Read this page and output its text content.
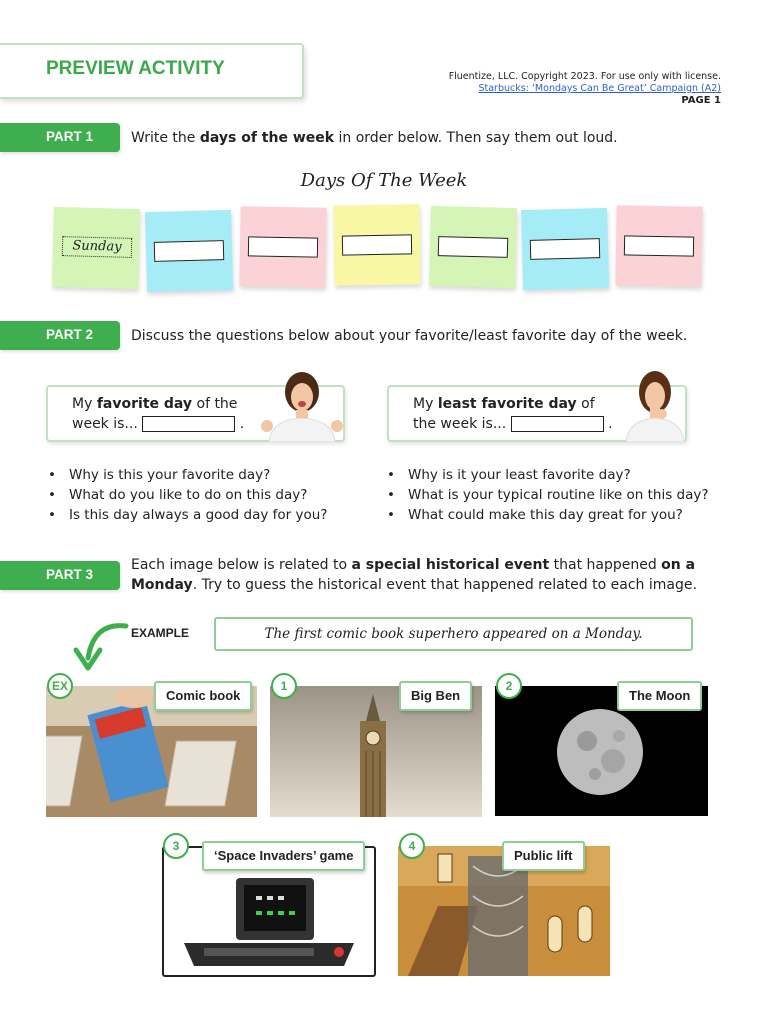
PREVIEW ACTIVITY	Fluentize, LLC. Copyright 2023. For use only with license.
Starbucks: ‘Mondays Can Be Great’ Campaign (A2)
PAGE 1
PART 1	Write the days of the week in order below. Then say them out loud.
Days Of The Week
Sunday
PART 2	Discuss the questions below about your favorite/least favorite day of the week.
My favorite day of the
week is...	.
My least favorite day of
the week is...	.
• Why is this your favorite day?
• What do you like to do on this day?
• Is this day always a good day for you?
• Why is it your least favorite day?
• What is your typical routine like on this day?
• What could make this day great for you?
PART 3
Each image below is related to a special historical event that happened on a
Monday. Try to guess the historical event that happened related to each image.
EXAMPLE	The first comic book superhero appeared on a Monday.
EX
Comic book
1
Big Ben
2
The Moon
3
‘Space Invaders’ game
4
Public lift
